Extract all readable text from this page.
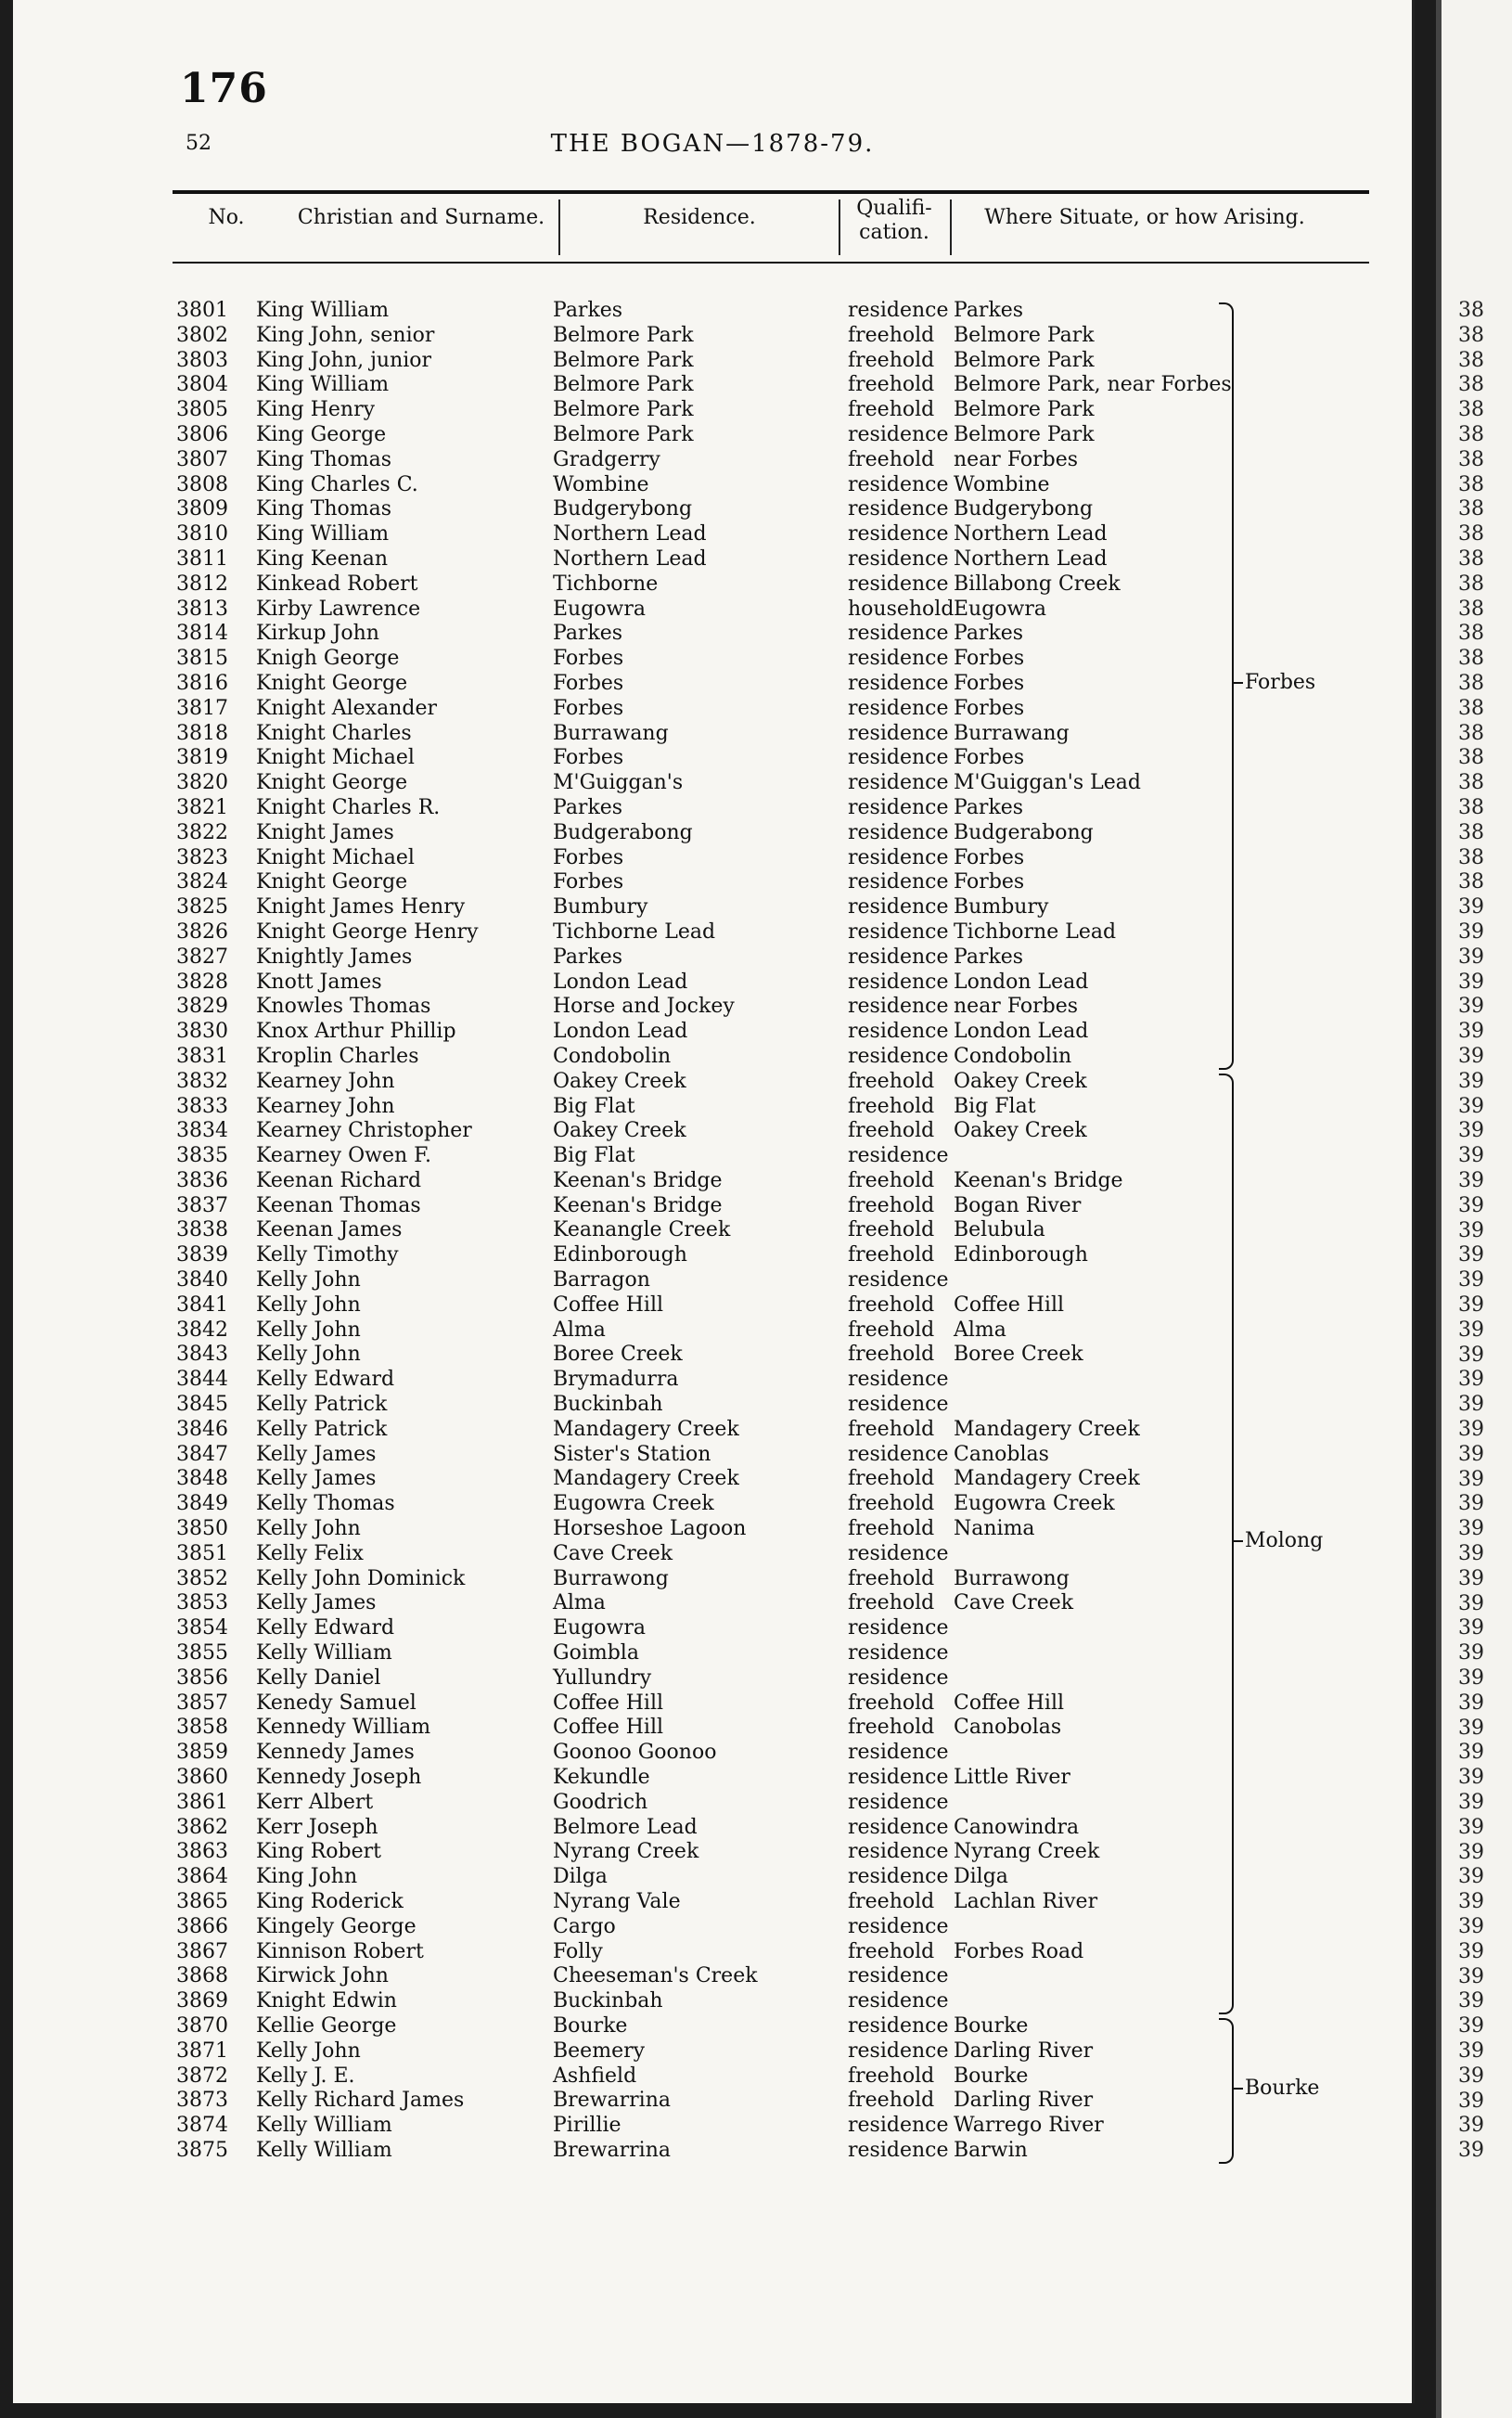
176
52	THE BOGAN—1878-79.
No.	Christian and Surname.	Residence.	Qualifi-cation.
Where Situate, or how Arising.
3801	King William	Parkes	residence Parkes
3802	King John, senior	Belmore Park	freehold Belmore Park
3803	King John, junior	Belmore Park	freehold Belmore Park
3804	King William	Belmore Park	freehold Belmore Park, near Forbes
3805	King Henry	Belmore Park	freehold Belmore Park
3806	King George	Belmore Park	residence Belmore Park
3807	King Thomas	Gradgerry	freehold near Forbes
3808	King Charles C.	Wombine	residence Wombine
3809	King Thomas	Budgerybong	residence Budgerybong
3810	King William	Northern Lead	residence Northern Lead
3811	King Keenan	Northern Lead	residence Northern Lead
3812	Kinkead Robert	Tichborne	residence Billabong Creek
3813	Kirby Lawrence	Eugowra	household Eugowra
3814	Kirkup John	Parkes	residence Parkes
3815	Knigh George	Forbes	residence Forbes
3816	Knight George	Forbes	residence Forbes
3817	Knight Alexander	Forbes	residence Forbes
3818	Knight Charles	Burrawang	residence Burrawang
3819	Knight Michael	Forbes	residence Forbes
3820	Knight George	M'Guiggan's	residence M'Guiggan's Lead
3821	Knight Charles R.	Parkes	residence Parkes
3822	Knight James	Budgerabong	residence Budgerabong
3823	Knight Michael	Forbes	residence Forbes
3824	Knight George	Forbes	residence Forbes
3825	Knight James Henry	Bumbury	residence Bumbury
3826	Knight George Henry	Tichborne Lead	residence Tichborne Lead
3827	Knightly James	Parkes	residence Parkes
3828	Knott James	London Lead	residence London Lead
3829	Knowles Thomas	Horse and Jockey	residence near Forbes
3830	Knox Arthur Phillip	London Lead	residence London Lead
3831	Kroplin Charles	Condobolin	residence Condobolin
3832	Kearney John	Oakey Creek	freehold Oakey Creek
3833	Kearney John	Big Flat	freehold Big Flat
3834	Kearney Christopher	Oakey Creek	freehold Oakey Creek
3835	Kearney Owen F.	Big Flat	residence
3836	Keenan Richard	Keenan's Bridge	freehold Keenan's Bridge
3837	Keenan Thomas	Keenan's Bridge	freehold Bogan River
3838	Keenan James	Keanangle Creek	freehold Belubula
3839	Kelly Timothy	Edinborough	freehold Edinborough
3840	Kelly John	Barragon	residence
3841	Kelly John	Coffee Hill	freehold Coffee Hill
3842	Kelly John	Alma	freehold Alma
3843	Kelly John	Boree Creek	freehold Boree Creek
3844	Kelly Edward	Brymadurra	residence
3845	Kelly Patrick	Buckinbah	residence
3846	Kelly Patrick	Mandagery Creek	freehold Mandagery Creek
3847	Kelly James	Sister's Station	residence Canoblas
3848	Kelly James	Mandagery Creek	freehold Mandagery Creek
3849	Kelly Thomas	Eugowra Creek	freehold Eugowra Creek
3850	Kelly John	Horseshoe Lagoon	freehold Nanima
3851	Kelly Felix	Cave Creek	residence
3852	Kelly John Dominick	Burrawong	freehold Burrawong
3853	Kelly James	Alma	freehold Cave Creek
3854	Kelly Edward	Eugowra	residence
3855	Kelly William	Goimbla	residence
3856	Kelly Daniel	Yullundry	residence
3857	Kenedy Samuel	Coffee Hill	freehold Coffee Hill
3858	Kennedy William	Coffee Hill	freehold Canobolas
3859	Kennedy James	Goonoo Goonoo	residence
3860	Kennedy Joseph	Kekundle	residence Little River
3861	Kerr Albert	Goodrich	residence
3862	Kerr Joseph	Belmore Lead	residence Canowindra
3863	King Robert	Nyrang Creek	residence Nyrang Creek
3864	King John	Dilga	residence Dilga
3865	King Roderick	Nyrang Vale	freehold Lachlan River
3866	Kingely George	Cargo	residence
3867	Kinnison Robert	Folly	freehold Forbes Road
3868	Kirwick John	Cheeseman's Creek	residence
3869	Knight Edwin	Buckinbah	residence
3870	Kellie George	Bourke	residence Bourke
3871	Kelly John	Beemery	residence Darling River
3872	Kelly J. E.	Ashfield	freehold Bourke
3873	Kelly Richard James	Brewarrina	freehold Darling River
3874	Kelly William	Pirillie	residence Warrego River
3875	Kelly William	Brewarrina	residence Barwin
Forbes
Molong
Bourke
38
38
38
38
38
38
38
38
38
38
38
38
38
38
38
38
38
38
38
38
38
38
38
38
39
39
39
39
39
39
39
39
39
39
39
39
39
39
39
39
39
39
39
39
39
39
39
39
39
39
39
39
39
39
39
39
39
39
39
39
39
39
39
39
39
39
39
39
39
39
39
39
39
39
39
